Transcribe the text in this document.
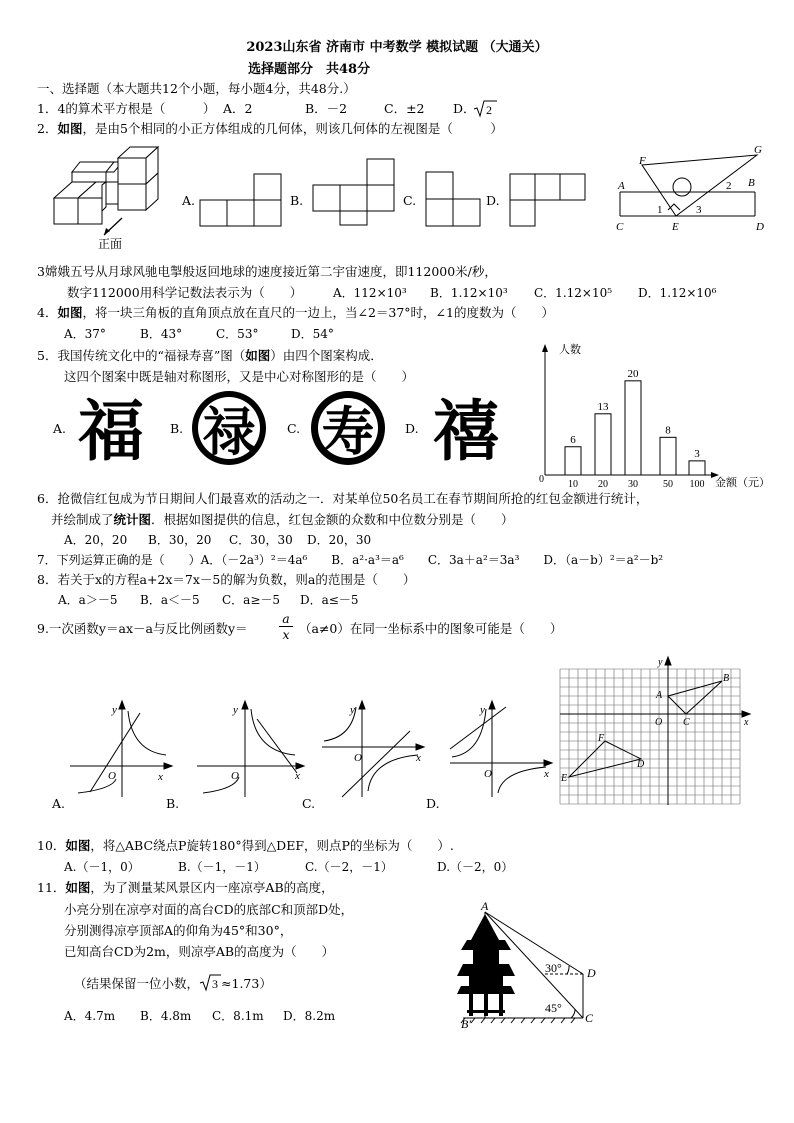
2023山东省 济南市 中考数学 模拟试题 （大通关）
选择题部分　共48分
一、选择题（本大题共12个小题，每小题4分，共48分.）
1．4的算术平方根是（　　　） A．2	B．－2	C．±2 D． 2
2．如图，是由5个相同的小正方体组成的几何体，则该几何体的左视图是（　　　）
正面
A.	B.	C.	D.
F
G
A	B
C	D
E
1
2
3
3嫦娥五号从月球风驰电掣般返回地球的速度接近第二宇宙速度，即112000米/秒，
数字112000用科学记数法表示为（　　）	A．112×10³ B．1.12×10³ C．1.12×10⁵ D．1.12×10⁶
4．如图，将一块三角板的直角顶点放在直尺的一边上，当∠2＝37°时，∠1的度数为（　　）
A．37°	B．43°	C．53°	D．54°
5．我国传统文化中的“福禄寿喜”图（如图）由四个图案构成．
这四个图案中既是轴对称图形，又是中心对称图形的是（　　）
A.	B.	C.	D.
福 禄 寿 禧
人数
金额（元）
0
6
10
13
20
20
30
8
50
3
100
6．抢微信红包成为节日期间人们最喜欢的活动之一．对某单位50名员工在春节期间所抢的红包金额进行统计，
并绘制成了统计图．根据如图提供的信息，红包金额的众数和中位数分别是（　　）
A．20，20 B．30，20 C．30，30 D．20，30
7．下列运算正确的是（　　）A．（－2a³）²＝4a⁶　　B．a²·a³＝a⁶　　C．3a＋a²＝3a³　　D．（a－b）²＝a²－b²
8．若关于x的方程a+2x＝7x－5的解为负数，则a的范围是（　　）
A．a＞－5 B．a＜－5 C．a≥－5 D．a≤－5
9.一次函数y＝ax－a与反比例函数y＝	$\frac{a}{x} (a\ne 0)$在同一坐标系中的图象可能是（　　）
y
x
O
A.
y
x
O
B.
y
x
O
C.
y
x
O
D.
y
x
A
B
C
O
F
E
D
10．如图，将△ABC绕点P旋转180°得到△DEF，则点P的坐标为（　　）.
A.（－1，0）	B.（－1，－1）	C.（－2，－1）	D.（－2，0）
11．如图，为了测量某风景区内一座凉亭AB的高度，
小亮分别在凉亭对面的高台CD的底部C和顶部D处，
分别测得凉亭顶部A的仰角为45°和30°，
已知高台CD为2m，则凉亭AB的高度为（　　）
（结果保留一位小数， 3 ≈1.73）
A．4.7m B．4.8m C．8.1m D．8.2m
A
B′	C
D
30°
45°
